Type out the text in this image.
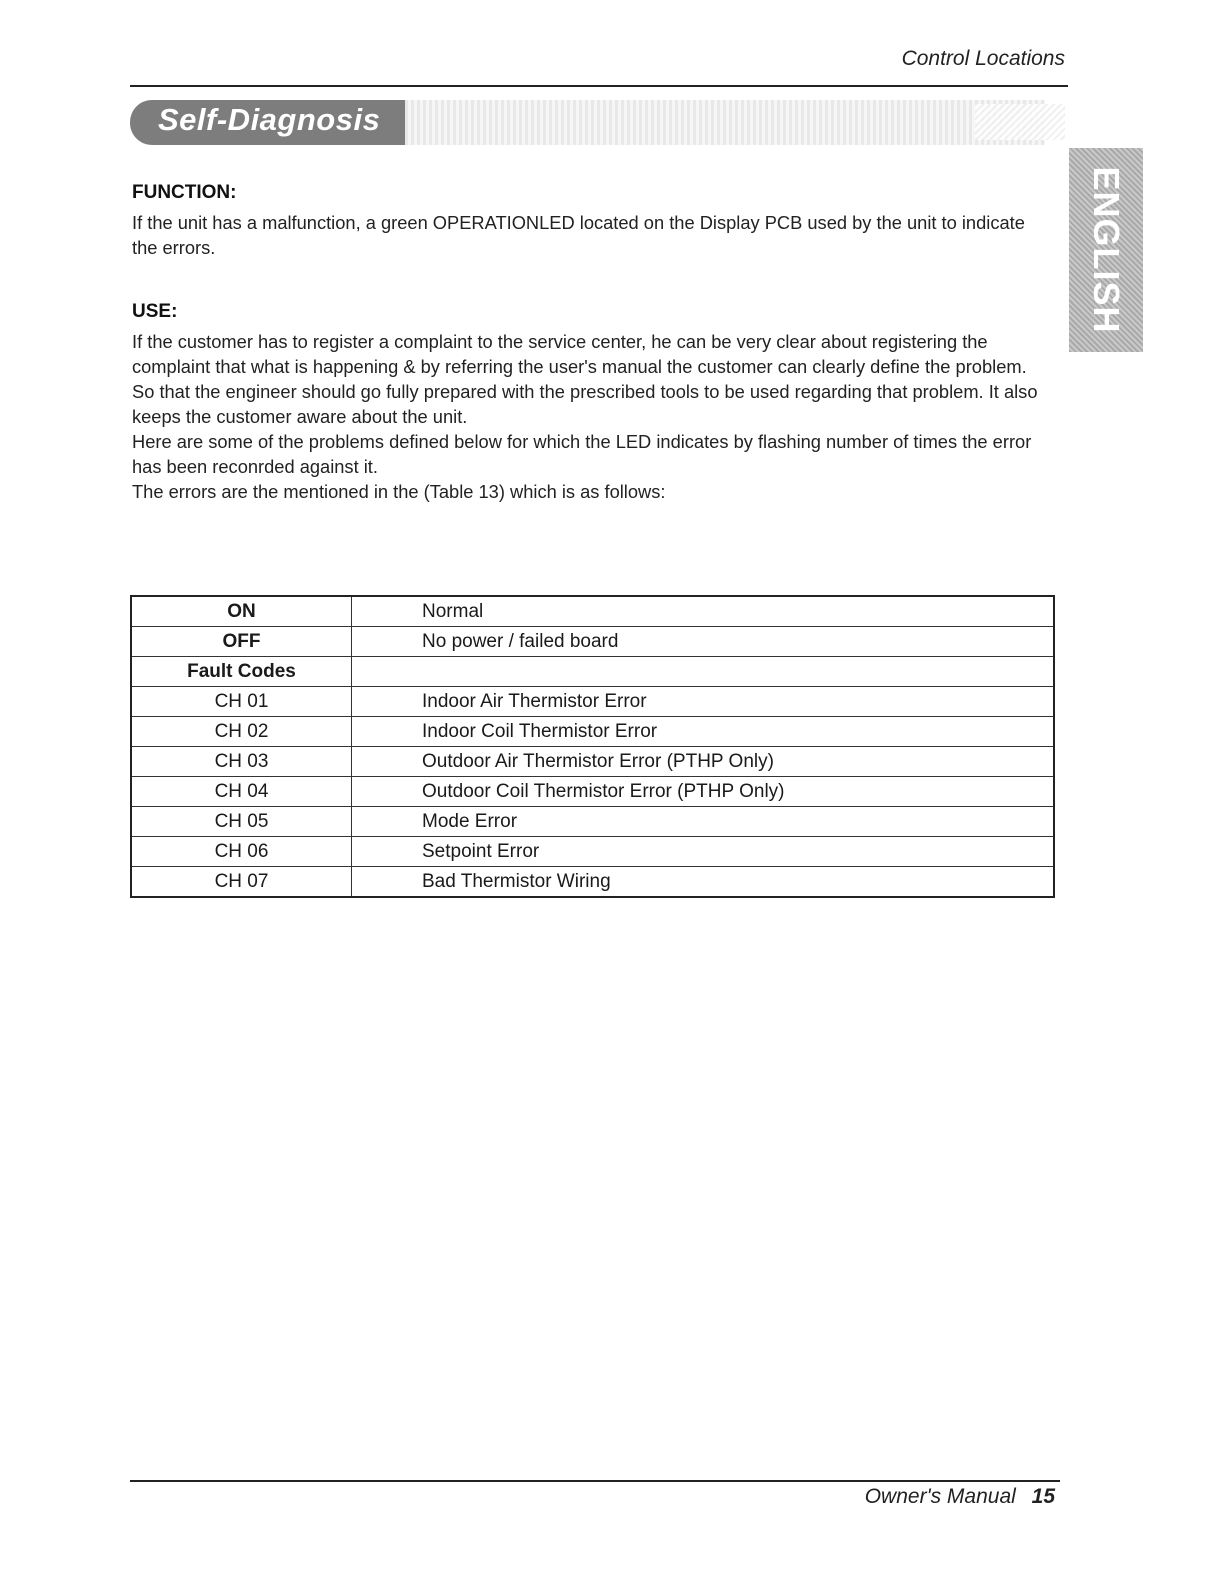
Control Locations
Self-Diagnosis
ENGLISH

FUNCTION:

If the unit has a malfunction, a green OPERATIONLED located on the Display PCB used by the unit to indicate the errors.

USE:

If the customer has to register a complaint to the service center, he can be very clear about registering the complaint that what is happening & by referring the user's manual the customer can clearly define the problem.

So that the engineer should go fully prepared with the prescribed tools to be used regarding that problem. It also keeps the customer aware about the unit.

Here are some of the problems defined below for which the LED indicates by flashing number of times the error has been reconrded against it.

The errors are the mentioned in the (Table 13) which is as follows:

ON	Normal
OFF	No power / failed board
Fault Codes	
CH 01	Indoor Air Thermistor Error
CH 02	Indoor Coil Thermistor Error
CH 03	Outdoor Air Thermistor Error (PTHP Only)
CH 04	Outdoor Coil Thermistor Error (PTHP Only)
CH 05	Mode Error
CH 06	Setpoint Error
CH 07	Bad Thermistor Wiring
Owner's Manual 15
